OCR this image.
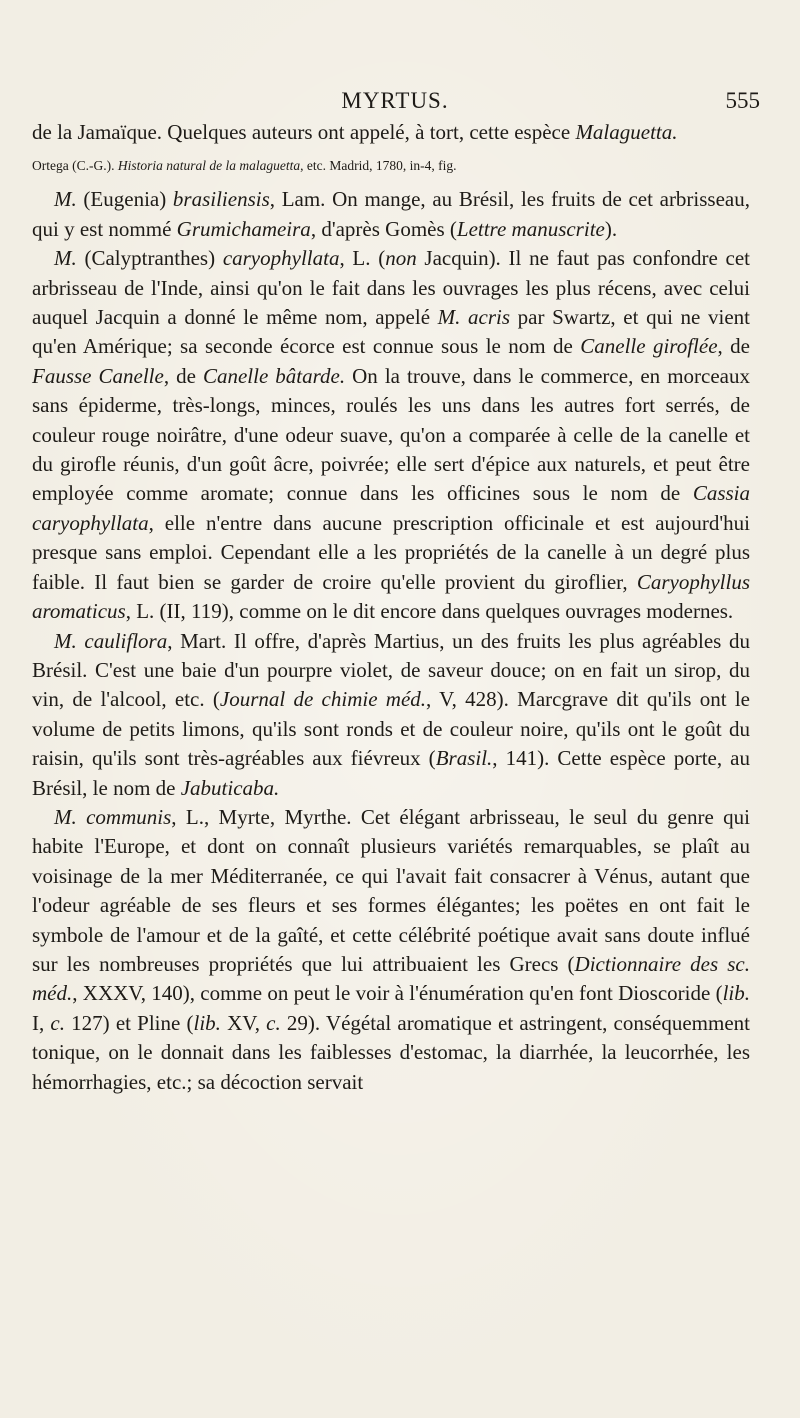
MYRTUS.	555

de la Jamaïque. Quelques auteurs ont appelé, à tort, cette espèce Malaguetta.

Ortega (C.-G.). Historia natural de la malaguetta, etc. Madrid, 1780, in-4, fig.

M. (Eugenia) brasiliensis, Lam. On mange, au Brésil, les fruits de cet arbrisseau, qui y est nommé Grumichameira, d'après Gomès (Lettre manuscrite).

M. (Calyptranthes) caryophyllata, L. (non Jacquin). Il ne faut pas confondre cet arbrisseau de l'Inde, ainsi qu'on le fait dans les ouvrages les plus récens, avec celui auquel Jacquin a donné le même nom, appelé M. acris par Swartz, et qui ne vient qu'en Amérique; sa seconde écorce est connue sous le nom de Canelle giroflée, de Fausse Canelle, de Canelle bâtarde. On la trouve, dans le commerce, en morceaux sans épiderme, très-longs, minces, roulés les uns dans les autres fort serrés, de couleur rouge noirâtre, d'une odeur suave, qu'on a comparée à celle de la canelle et du girofle réunis, d'un goût âcre, poivrée; elle sert d'épice aux naturels, et peut être employée comme aromate; connue dans les officines sous le nom de Cassia caryophyllata, elle n'entre dans aucune prescription officinale et est aujourd'hui presque sans emploi. Cependant elle a les propriétés de la canelle à un degré plus faible. Il faut bien se garder de croire qu'elle provient du giroflier, Caryophyllus aromaticus, L. (II, 119), comme on le dit encore dans quelques ouvrages modernes.

M. cauliflora, Mart. Il offre, d'après Martius, un des fruits les plus agréables du Brésil. C'est une baie d'un pourpre violet, de saveur douce; on en fait un sirop, du vin, de l'alcool, etc. (Journal de chimie méd., V, 428). Marcgrave dit qu'ils ont le volume de petits limons, qu'ils sont ronds et de couleur noire, qu'ils ont le goût du raisin, qu'ils sont très-agréables aux fiévreux (Brasil., 141). Cette espèce porte, au Brésil, le nom de Jabuticaba.

M. communis, L., Myrte, Myrthe. Cet élégant arbrisseau, le seul du genre qui habite l'Europe, et dont on connaît plusieurs variétés remarquables, se plaît au voisinage de la mer Méditerranée, ce qui l'avait fait consacrer à Vénus, autant que l'odeur agréable de ses fleurs et ses formes élégantes; les poëtes en ont fait le symbole de l'amour et de la gaîté, et cette célébrité poétique avait sans doute influé sur les nombreuses propriétés que lui attribuaient les Grecs (Dictionnaire des sc. méd., XXXV, 140), comme on peut le voir à l'énumération qu'en font Dioscoride (lib. I, c. 127) et Pline (lib. XV, c. 29). Végétal aromatique et astringent, conséquemment tonique, on le donnait dans les faiblesses d'estomac, la diarrhée, la leucorrhée, les hémorrhagies, etc.; sa décoction servait
